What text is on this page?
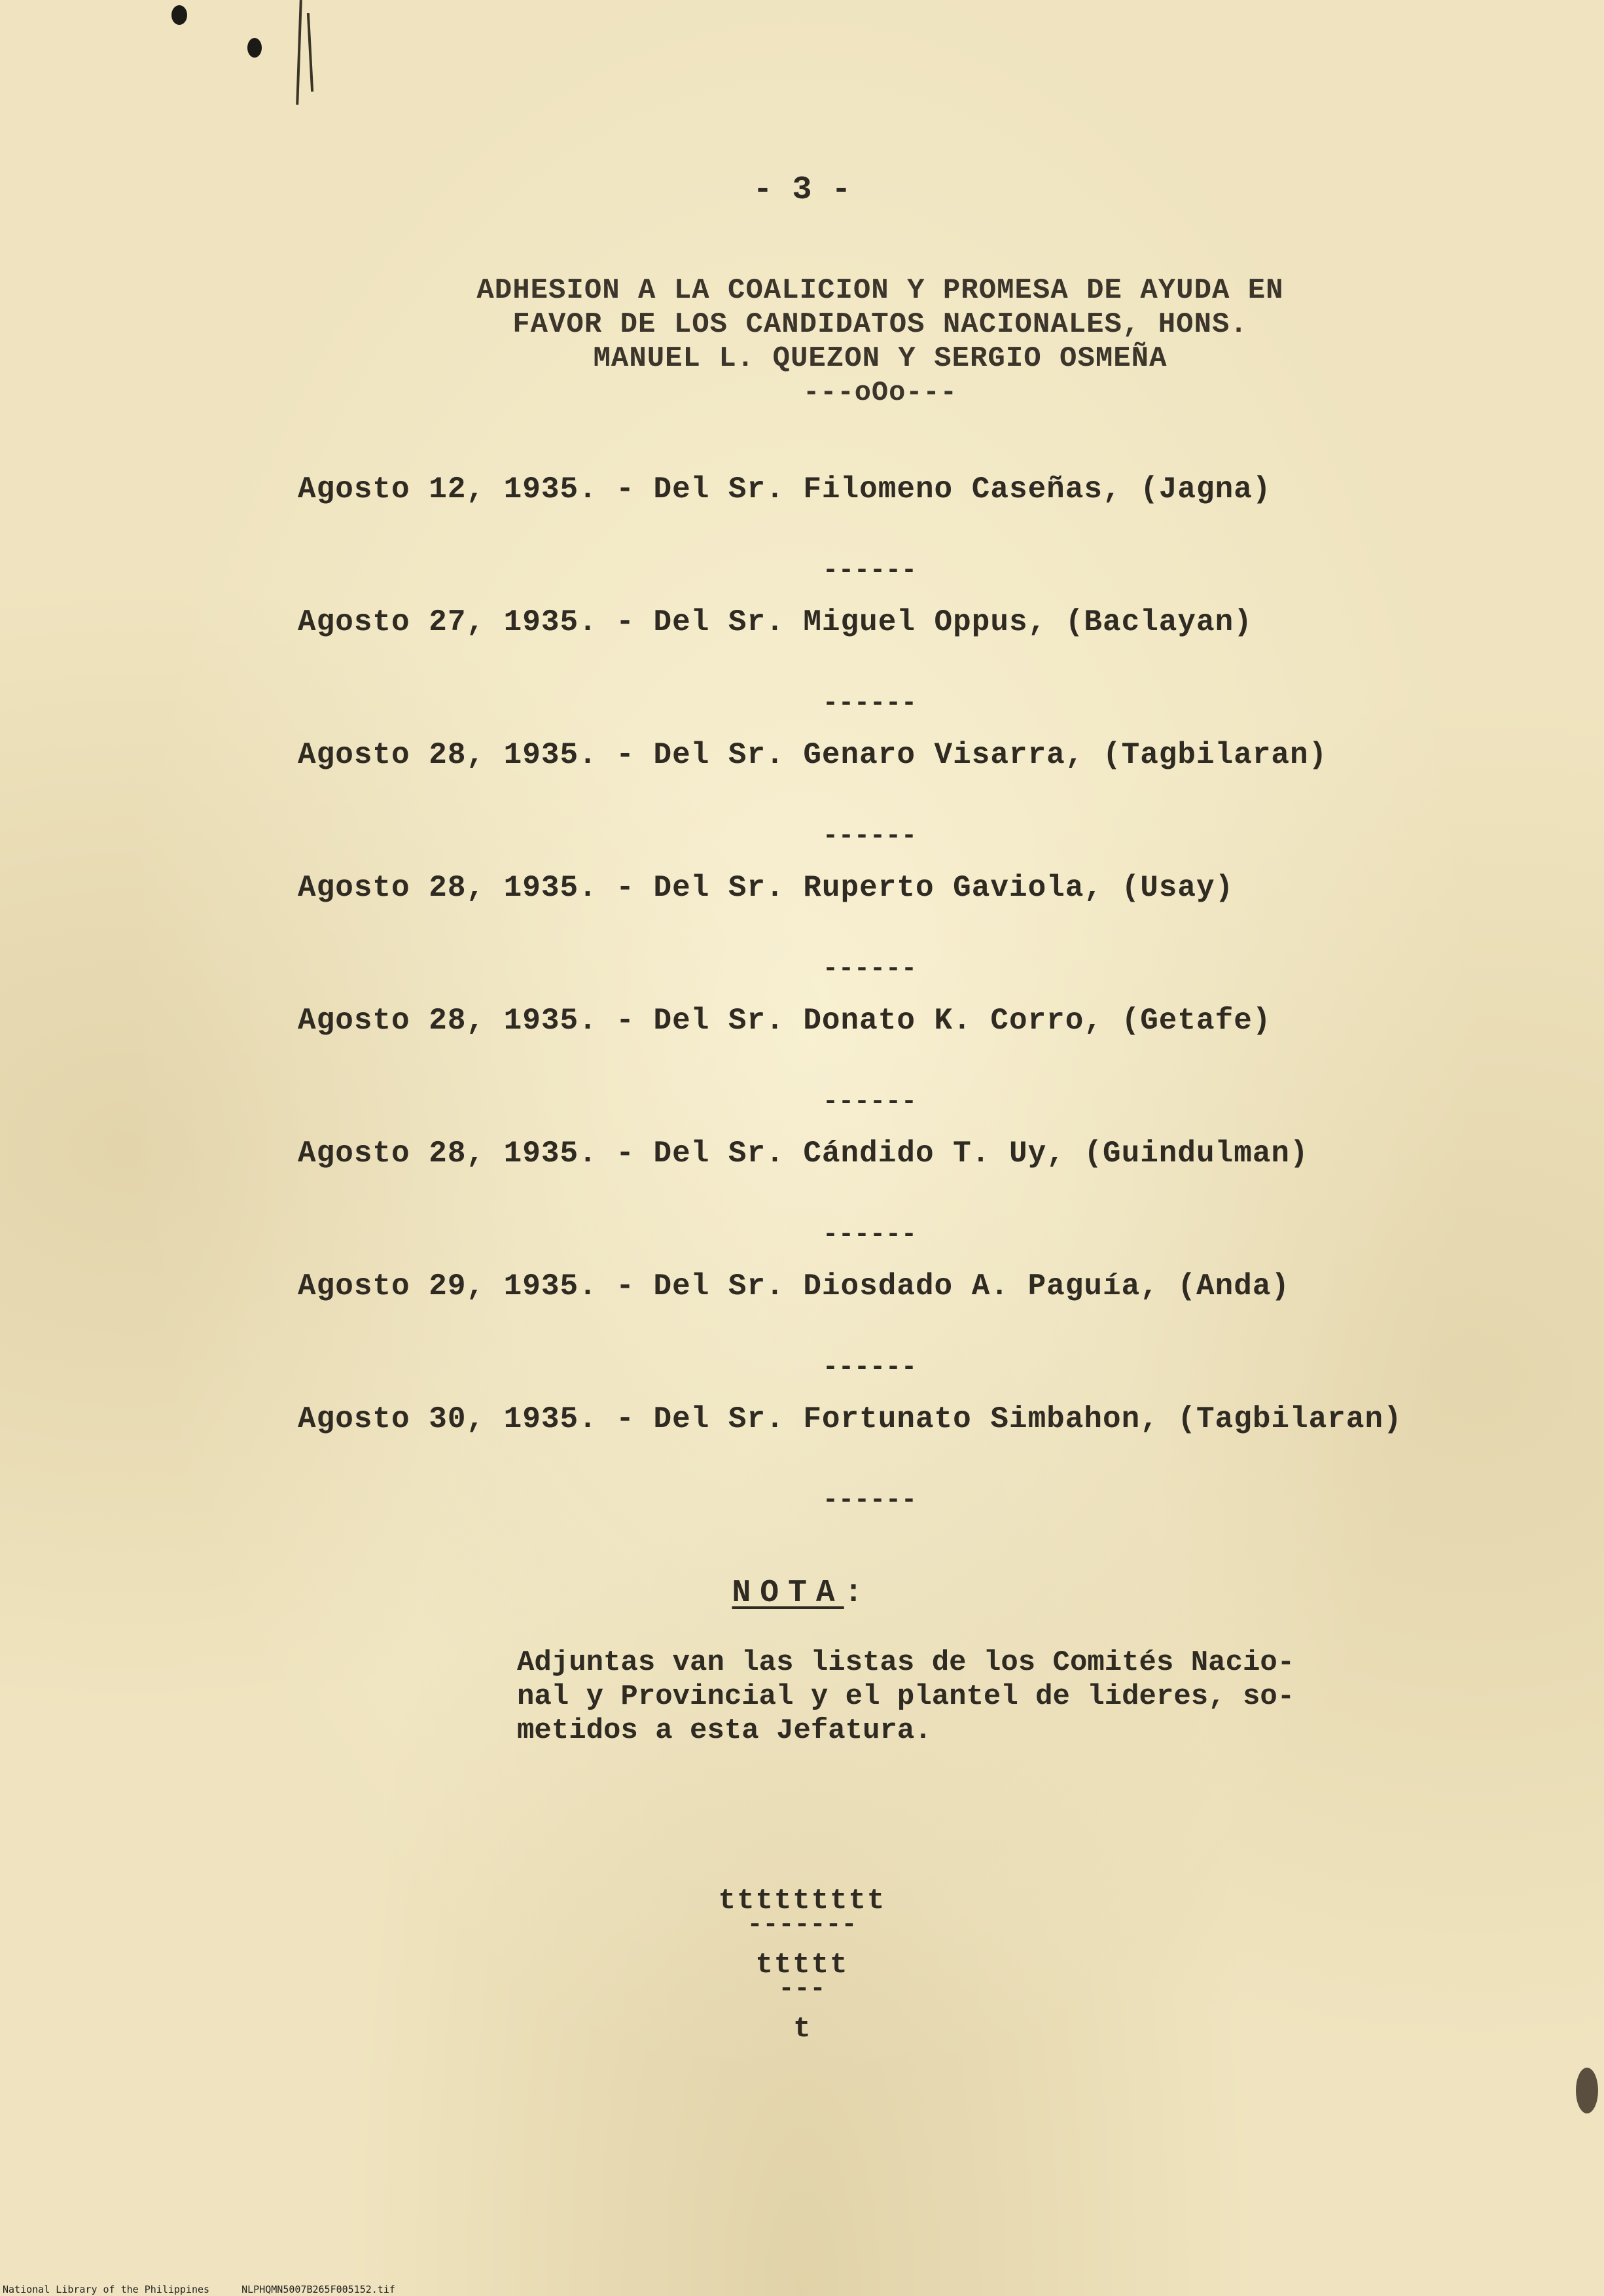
- 3 -
ADHESION A LA COALICION Y PROMESA DE AYUDA EN
FAVOR DE LOS CANDIDATOS NACIONALES, HONS.
MANUEL L. QUEZON Y SERGIO OSMEÑA
---oOo---
Agosto 12, 1935. - Del Sr. Filomeno Caseñas, (Jagna)
------
Agosto 27, 1935. - Del Sr. Miguel Oppus, (Baclayan)
------
Agosto 28, 1935. - Del Sr. Genaro Visarra, (Tagbilaran)
------
Agosto 28, 1935. - Del Sr. Ruperto Gaviola, (Usay)
------
Agosto 28, 1935. - Del Sr. Donato K. Corro, (Getafe)
------
Agosto 28, 1935. - Del Sr. Cándido T. Uy, (Guindulman)
------
Agosto 29, 1935. - Del Sr. Diosdado A. Paguía, (Anda)
------
Agosto 30, 1935. - Del Sr. Fortunato Simbahon, (Tagbilaran)
------
NOTA:
Adjuntas van las listas de los Comités Nacio-
nal y Provincial y el plantel de lideres, so-
metidos a esta Jefatura.
ttttttttt
-------
ttttt
---
t
National Library of the Philippines	NLPHQMN5007B265F005152.tif
